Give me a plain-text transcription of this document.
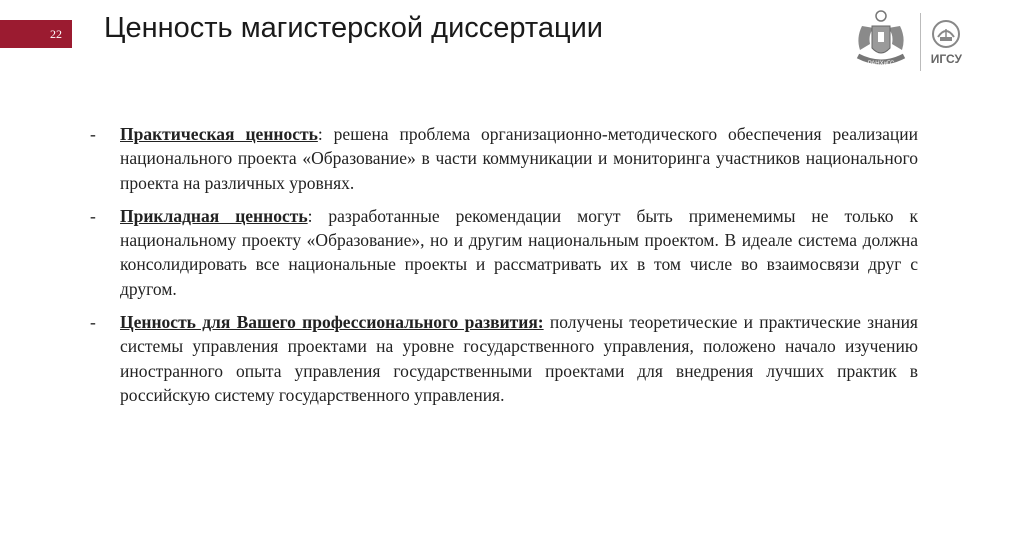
22	Ценность магистерской диссертации
РАНХиГС	ИГСУ
-	Практическая ценность: решена проблема организационно-методического обеспечения реализации национального проекта «Образование» в части коммуникации и мониторинга участников национального проекта на различных уровнях.
-	Прикладная ценность: разработанные рекомендации могут быть применемимы не только к национальному проекту «Образование», но и другим национальным проектом. В идеале система должна консолидировать все национальные проекты и рассматривать их в том числе во взаимосвязи друг с другом.
-	Ценность для Вашего профессионального развития: получены теоретические и практические знания системы управления проектами на уровне государственного управления, положено начало изучению иностранного опыта управления государственными проектами для внедрения лучших практик в российскую систему государственного управления.
